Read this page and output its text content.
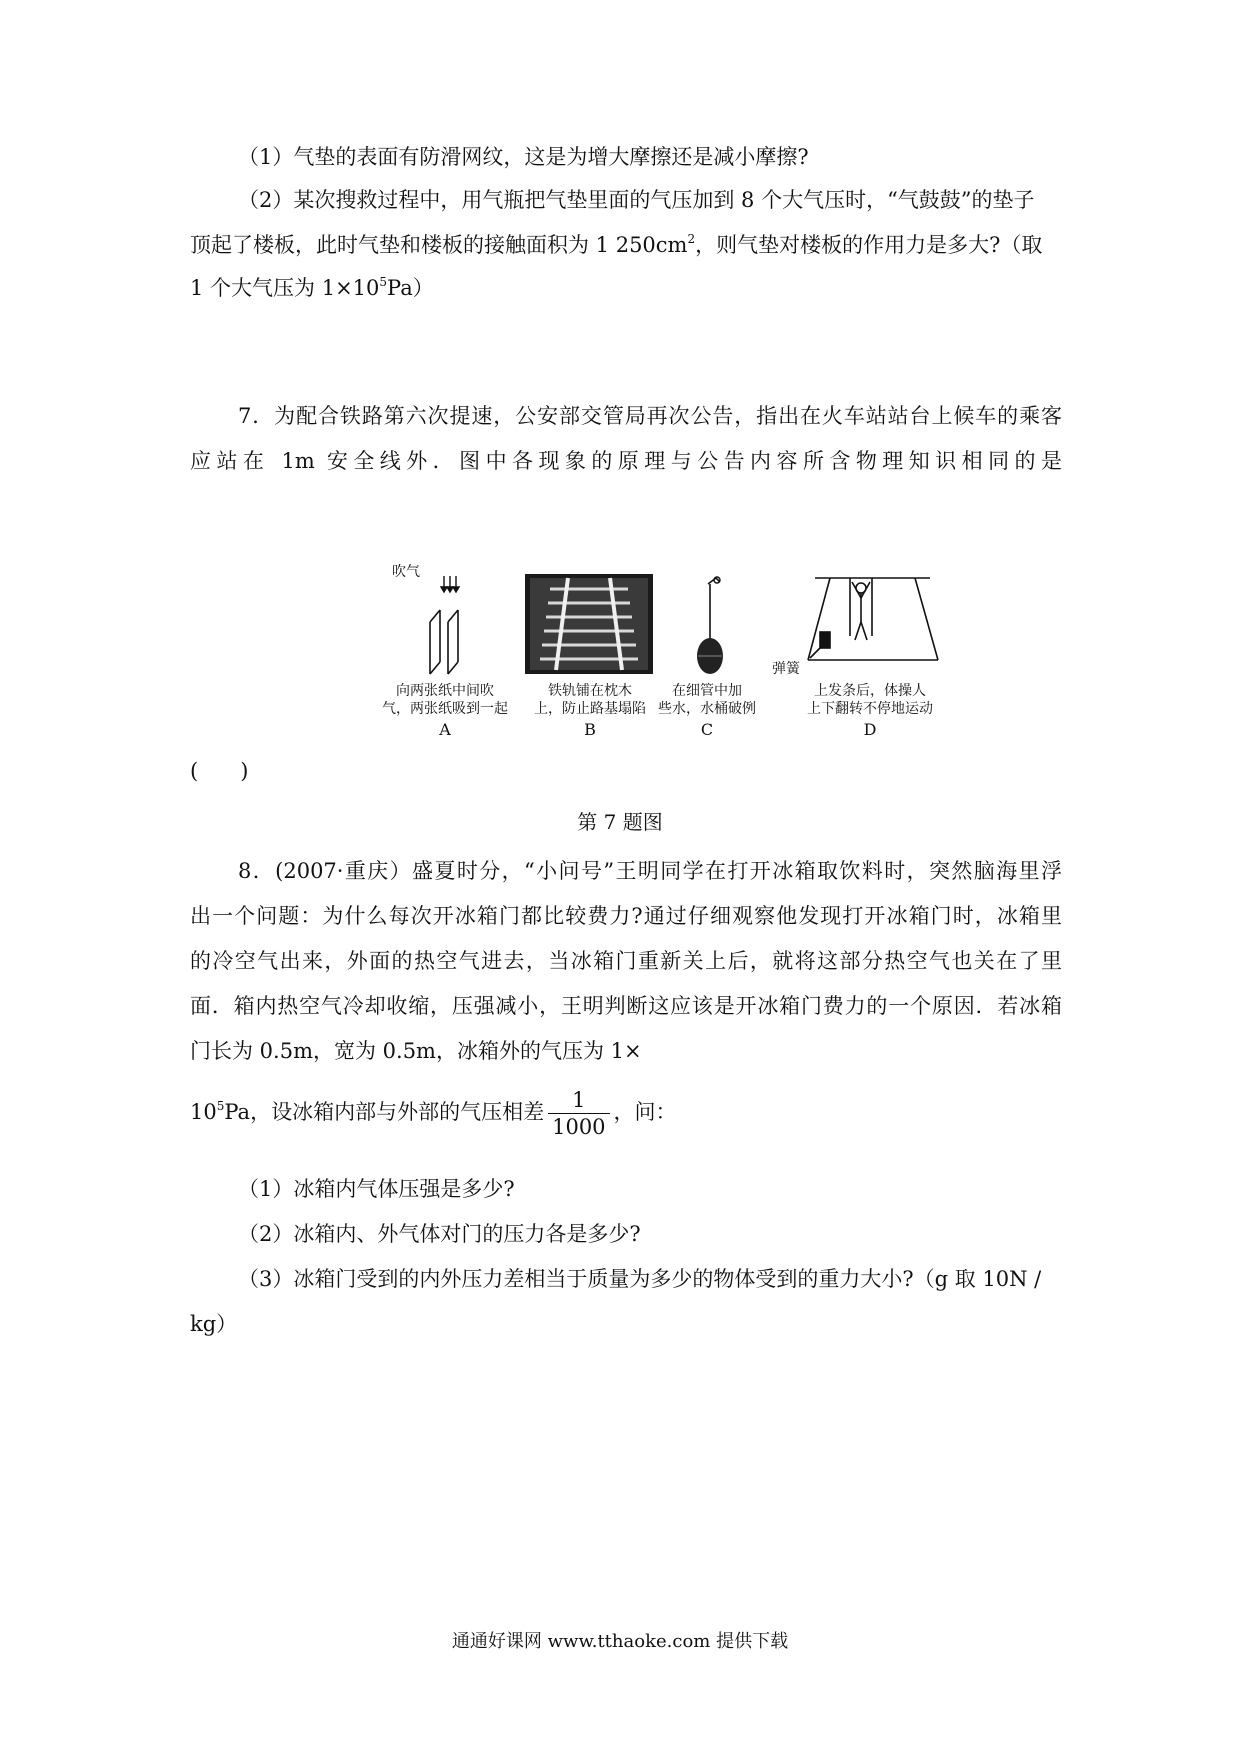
（1）气垫的表面有防滑网纹，这是为增大摩擦还是减小摩擦?
（2）某次搜救过程中，用气瓶把气垫里面的气压加到 8 个大气压时，“气鼓鼓”的垫子
顶起了楼板，此时气垫和楼板的接触面积为 1 $250cm^2$，则气垫对楼板的作用力是多大?（取
1 个大气压为 $1\times 10^5Pa$）
7．为配合铁路第六次提速，公安部交管局再次公告，指出在火车站站台上候车的乘客
应站在 1m 安全线外．图中各现象的原理与公告内容所含物理知识相同的是
吹气
弹簧
向两张纸中间吹
气，两张纸吸到一起
A
铁轨铺在枕木
上，防止路基塌陷
B
在细管中加
些水，水桶破例
C
上发条后，体操人
上下翻转不停地运动
D
(　　)
第 7 题图
8．(2007·重庆）盛夏时分，“小问号”王明同学在打开冰箱取饮料时，突然脑海里浮
出一个问题：为什么每次开冰箱门都比较费力?通过仔细观察他发现打开冰箱门时，冰箱里
的冷空气出来，外面的热空气进去，当冰箱门重新关上后，就将这部分热空气也关在了里
面．箱内热空气冷却收缩，压强减小，王明判断这应该是开冰箱门费力的一个原因．若冰箱
门长为 0.5m，宽为 0.5m，冰箱外的气压为 1×
$10^5Pa$，设冰箱内部与外部的气压相差 $\frac{1}{1000}$ ，问：
（1）冰箱内气体压强是多少?
（2）冰箱内、外气体对门的压力各是多少?
（3）冰箱门受到的内外压力差相当于质量为多少的物体受到的重力大小?（g 取 10N /
kg）
通通好课网 www.tthaoke.com 提供下载
